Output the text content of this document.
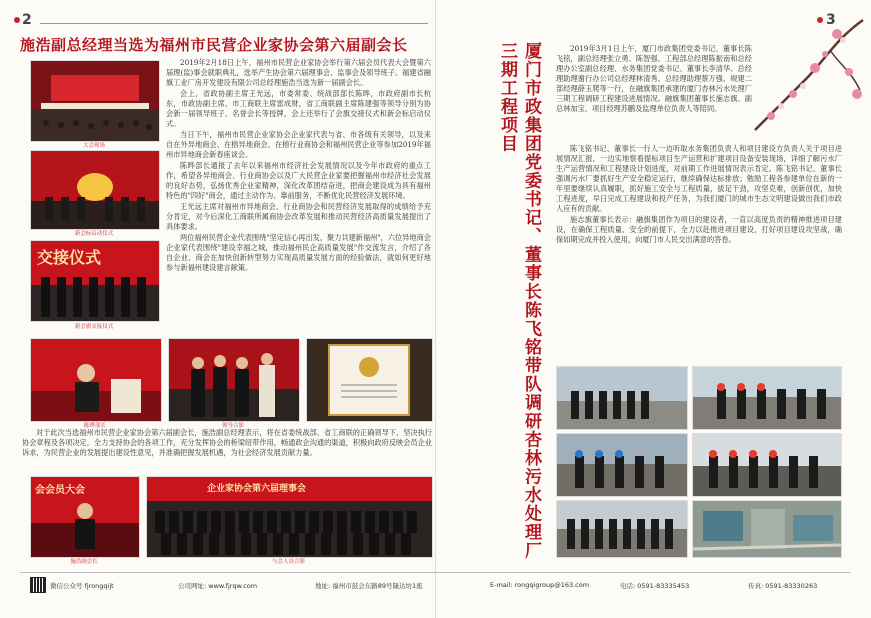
2
施浩副总经理当选为福州市民营企业家协会第六届副会长
大会现场
新会标启动仪式
交接仪式
新会旗交接仪式

2019年2月18日上午，福州市民营企业家协会举行第六届会员代表大会暨第六届理(监)事会就职典礼，选举产生协会第六届理事会、监事会及领导班子。福建省融旗工业厂房开发建设有限公司总经理施浩当选为新一届副会长。

会上，省政协副主席王光远，市委常委、统战部部长陈晔，市政府副市长杭东，市政协副主席、市工商联主席雷成财，省工商联副主席陈建强等领导分别为协会新一届领导班子、名誉会长等授牌，会上还举行了会旗交接仪式和新会标启动仪式。

当日下午，福州市民营企业家协会企业家代表与省、市各级有关领导，以及来自在外异地商会、在榕异地商会、在榕行业商协会和福州民营企业等参加2019年福州市异地商会新春座谈会。

陈晔部长通报了去年以来福州市经济社会发展情况以及今年市政府的重点工作，希望各异地商会、行业商协会以及广大民营企业家要把握福州市经济社会发展的良好态势，弘扬优秀企业家精神，深化改革团结奋进，把商会建设成为具有福州特色的"四好"商会，通过主动作为、靠前服务，不断优化民营经济发展环境。

王光远主席对福州市异地商会、行业商协会和民营经济发展取得的成绩给予充分肯定，对今后深化工商联所属商协会改革发展和推动民营经济高质量发展提出了具体要求。

两位福州民营企业代表围绕"坚定信心再出发，聚力共建新福州"，六位异地商会企业家代表围绕"建设幸福之城，推动福州民企高质量发展"作交流发言，介绍了各自企业、商会在加快创新转型努力实现高质量发展方面的经验做法，就如何更好地参与新福州建设建言献策。

陈晔部长	领导合影

对于此次当选福州市民营企业家协会第六届副会长，施浩副总经理表示，将在省委统战部、省工商联的正确领导下，坚决执行协会章程及各项决定，全力支持协会的各项工作，充分发挥协会的桥梁纽带作用，畅通政企沟通的渠道，积极向政府反映会员企业诉求，为民营企业的发展提出建设性意见，并准确把握发展机遇，为社会经济发展贡献力量。

会会员大会
施浩副会长
企业家协会第六届理事会
与会人员合影
3
厦门市政集团党委书记、董事长陈飞铭带队调研杏林污水处理厂三期工程项目	2019年3月1日上午，厦门市政集团党委书记、董事长陈飞铭，副总经理张立勇、陈智强、工程部总经理陈振南和总经理办公室副总经理、水务集团党委书记、董事长李清华、总经理助理谢行办公司总经理林清秀、总经理助理蔡万强、规建二部经理薛玉爬等一行，在融旗集团承建的厦门杏林污水处理厂三期工程调研工程建设进展情况。融旗集团董事长施志旗、副总林加宝、项目经理苏鹏及监理单位负责人等陪同。

陈飞铭书记、董事长一行人一边听取水务集团负责人和项目建设方负责人关于项目进展情况汇报，一边实地察看提标项目生产运营和扩建项目设备安装现场，详细了解污水厂生产运营情况和工程建设计划进度，对前期工作进展情况表示肯定。陈飞铭书记、董事长强调污水厂要抓好生产安全稳定运行，继续确保达标排放；勉励工程各参建单位在新的一年里要继续认真履职，抓好施工安全与工程质量，拔足干劲，攻坚克难，创新创优，加快工程进度，早日完成工程建设和投产任务，为我们厦门的城市生态文明建设做出我们市政人应有的贡献。

施志旗董事长表示：融旗集团作为项目的建设者，一直以高度负责的精神推进项目建设，在确保工程质量、安全的前提下，全力以赴推进项目建设，打好项目建设攻坚战，确保如期完成并投入使用，向厦门市人民交出满意的答卷。

微信公众号 fjrongqijt	公司网址: www.fjrqw.com	地址: 福州市鼓会东路89号隆达坊1座	E-mail: rongqigroup@163.com	电话: 0591-83335453	传真: 0591-83330263
